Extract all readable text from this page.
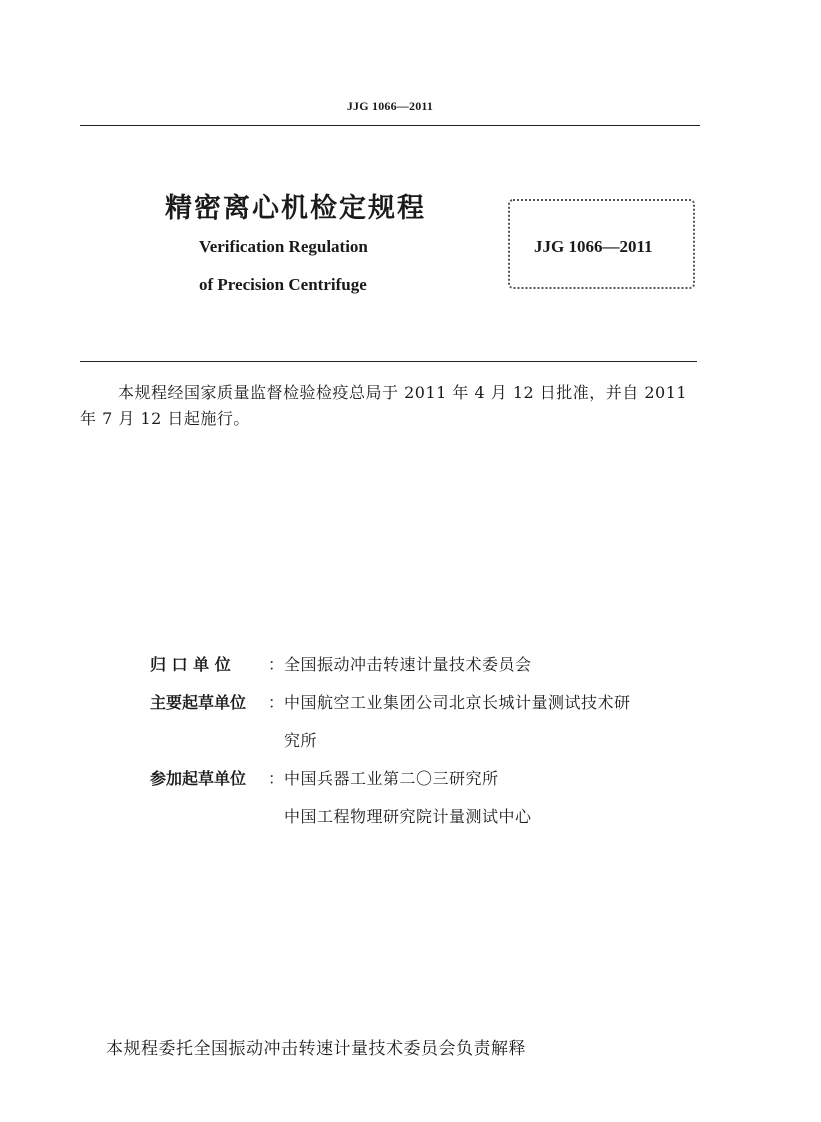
JJG 1066—2011
精密离心机检定规程
Verification Regulation
of Precision Centrifuge
JJG 1066—2011
本规程经国家质量监督检验检疫总局于 2011 年 4 月 12 日批准，并自 2011 年 7 月 12 日起施行。
归 口 单 位	： 全国振动冲击转速计量技术委员会
主要起草单位	： 中国航空工业集团公司北京长城计量测试技术研
究所
参加起草单位	： 中国兵器工业第二〇三研究所
中国工程物理研究院计量测试中心
本规程委托全国振动冲击转速计量技术委员会负责解释
